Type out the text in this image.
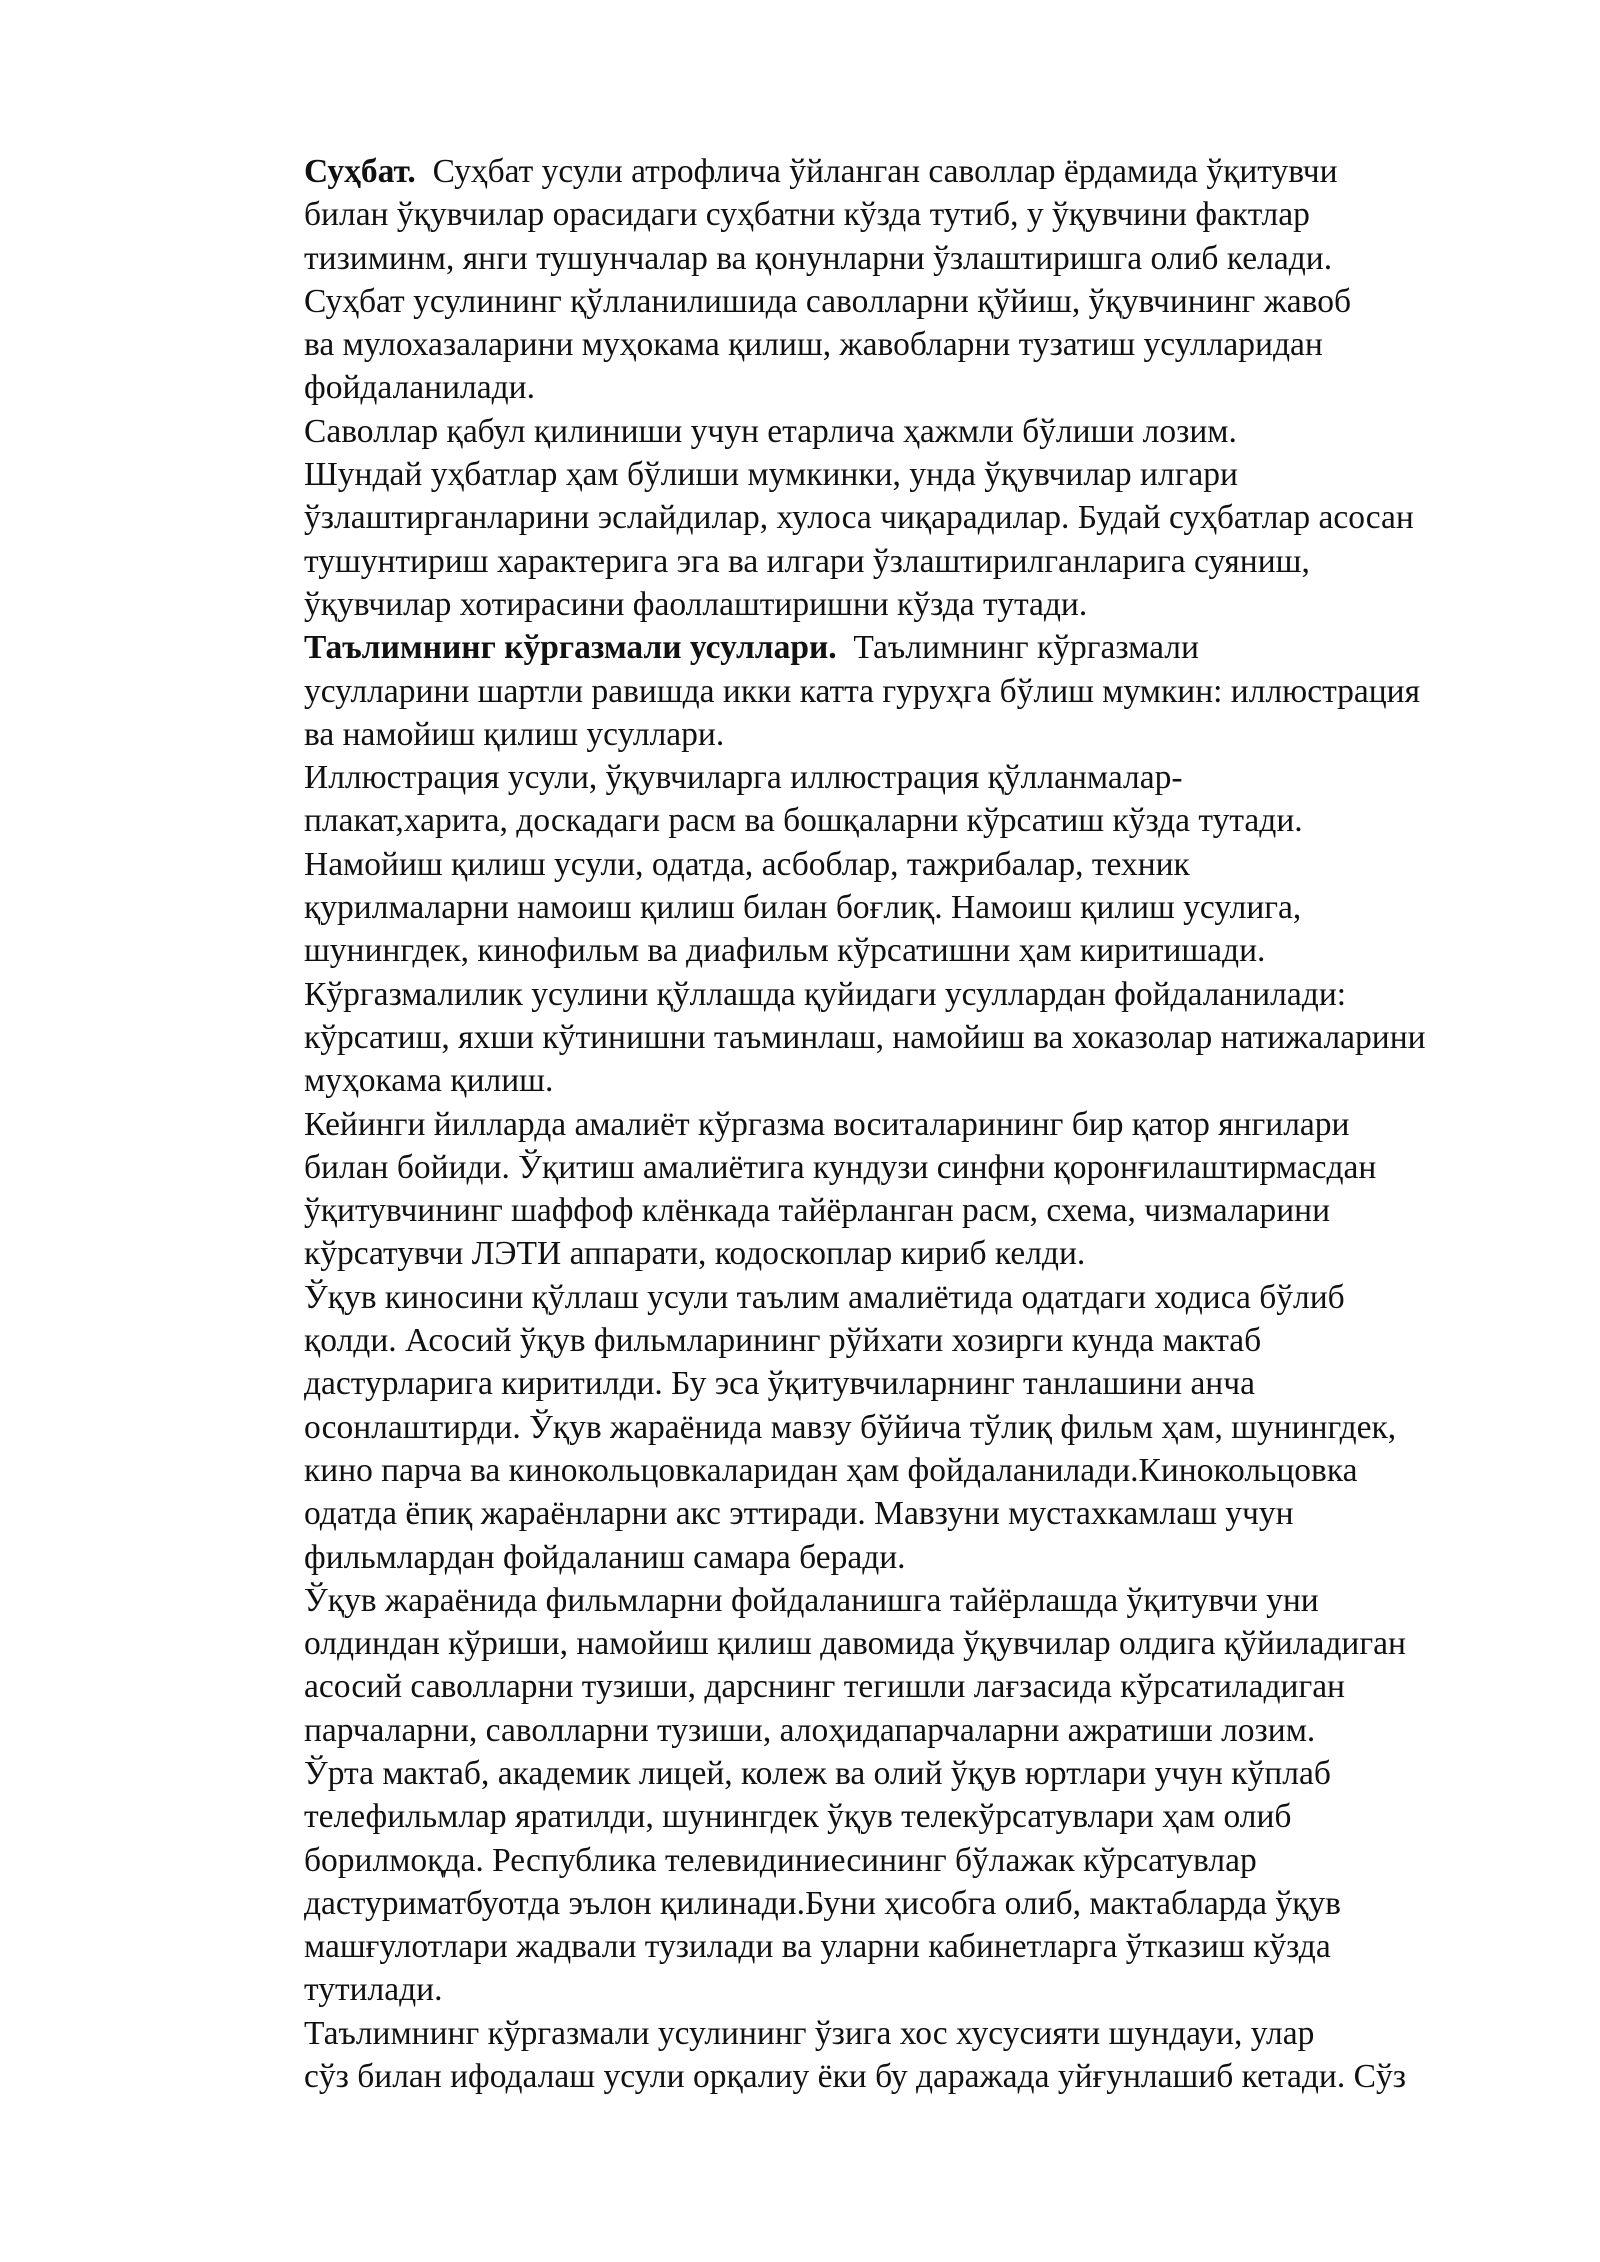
Суҳбат. Суҳбат усули атрофлича ўйланган саволлар ёрдамида ўқитувчи
билан ўқувчилар орасидаги суҳбатни кўзда тутиб, у ўқувчини фактлар
тизиминм, янги тушунчалар ва қонунларни ўзлаштиришга олиб келади.

Суҳбат усулининг қўлланилишида саволларни қўйиш, ўқувчининг жавоб
ва мулохазаларини муҳокама қилиш, жавобларни тузатиш усулларидан
фойдаланилади.

Саволлар қабул қилиниши учун етарлича ҳажмли бўлиши лозим.
Шундай уҳбатлар ҳам бўлиши мумкинки, унда ўқувчилар илгари
ўзлаштирганларини эслайдилар, хулоса чиқарадилар. Будай суҳбатлар асосан
тушунтириш характерига эга ва илгари ўзлаштирилганларига суяниш,
ўқувчилар хотирасини фаоллаштиришни кўзда тутади.

Таълимнинг кўргазмали усуллари. Таълимнинг кўргазмали
усулларини шартли равишда икки катта гуруҳга бўлиш мумкин: иллюстрация
ва намойиш қилиш усуллари.

Иллюстрация усули, ўқувчиларга иллюстрация қўлланмалар-
плакат,харита, доскадаги расм ва бошқаларни кўрсатиш кўзда тутади.

Намойиш қилиш усули, одатда, асбоблар, тажрибалар, техник
қурилмаларни намоиш қилиш билан боғлиқ. Намоиш қилиш усулига,
шунингдек, кинофильм ва диафильм кўрсатишни ҳам киритишади.
Кўргазмалилик усулини қўллашда қуйидаги усуллардан фойдаланилади:
кўрсатиш, яхши кўтинишни таъминлаш, намойиш ва хоказолар натижаларини
муҳокама қилиш.

Кейинги йилларда амалиёт кўргазма воситаларининг бир қатор янгилари
билан бойиди. Ўқитиш амалиётига кундузи синфни қоронғилаштирмасдан
ўқитувчининг шаффоф клёнкада тайёрланган расм, схема, чизмаларини
кўрсатувчи ЛЭТИ аппарати, кодоскоплар кириб келди.

Ўқув киносини қўллаш усули таълим амалиётида одатдаги ходиса бўлиб
қолди. Асосий ўқув фильмларининг рўйхати хозирги кунда мактаб
дастурларига киритилди. Бу эса ўқитувчиларнинг танлашини анча
осонлаштирди. Ўқув жараёнида мавзу бўйича тўлиқ фильм ҳам, шунингдек,
кино парча ва кинокольцовкаларидан ҳам фойдаланилади.Кинокольцовка
одатда ёпиқ жараёнларни акс эттиради. Мавзуни мустахкамлаш учун
фильмлардан фойдаланиш самара беради.

Ўқув жараёнида фильмларни фойдаланишга тайёрлашда ўқитувчи уни
олдиндан кўриши, намойиш қилиш давомида ўқувчилар олдига қўйиладиган
асосий саволларни тузиши, дарснинг тегишли лағзасида кўрсатиладиган
парчаларни, саволларни тузиши, алоҳидапарчаларни ажратиши лозим.

Ўрта мактаб, академик лицей, колеж ва олий ўқув юртлари учун кўплаб
телефильмлар яратилди, шунингдек ўқув телекўрсатувлари ҳам олиб
борилмоқда. Республика телевидиниесининг бўлажак кўрсатувлар
дастуриматбуотда эълон қилинади.Буни ҳисобга олиб, мактабларда ўқув
машғулотлари жадвали тузилади ва уларни кабинетларга ўтказиш кўзда
тутилади.

Таълимнинг кўргазмали усулининг ўзига хос хусусияти шундауи, улар
сўз билан ифодалаш усули орқалиу ёки бу даражада уйғунлашиб кетади. Сўз
